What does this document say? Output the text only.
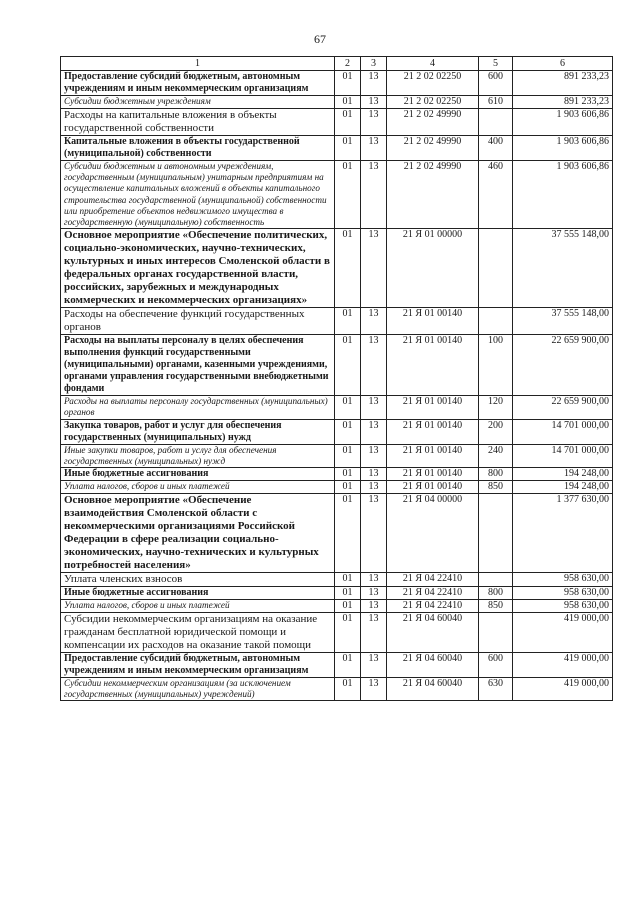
67
1	2	3	4	5	6
Предоставление субсидий бюджетным, автономным учреждениям и иным некоммерческим организациям	01	13	21 2 02 02250	600	891 233,23
Субсидии бюджетным учреждениям	01	13	21 2 02 02250	610	891 233,23
Расходы на капитальные вложения в объекты государственной собственности	01	13	21 2 02 49990		1 903 606,86
Капитальные вложения в объекты государственной (муниципальной) собственности	01	13	21 2 02 49990	400	1 903 606,86
Субсидии бюджетным и автономным учреждениям, государственным (муниципальным) унитарным предприятиям на осуществление капитальных вложений в объекты капитального строительства государственной (муниципальной) собственности или приобретение объектов недвижимого имущества в государственную (муниципальную) собственность	01	13	21 2 02 49990	460	1 903 606,86
Основное мероприятие «Обеспечение политических, социально-экономических, научно-технических, культурных и иных интересов Смоленской области в федеральных органах государственной власти, российских, зарубежных и международных коммерческих и некоммерческих организациях»	01	13	21 Я 01 00000		37 555 148,00
Расходы на обеспечение функций государственных органов	01	13	21 Я 01 00140		37 555 148,00
Расходы на выплаты персоналу в целях обеспечения выполнения функций государственными (муниципальными) органами, казенными учреждениями, органами управления государственными внебюджетными фондами	01	13	21 Я 01 00140	100	22 659 900,00
Расходы на выплаты персоналу государственных (муниципальных) органов	01	13	21 Я 01 00140	120	22 659 900,00
Закупка товаров, работ и услуг для обеспечения государственных (муниципальных) нужд	01	13	21 Я 01 00140	200	14 701 000,00
Иные закупки товаров, работ и услуг для обеспечения государственных (муниципальных) нужд	01	13	21 Я 01 00140	240	14 701 000,00
Иные бюджетные ассигнования	01	13	21 Я 01 00140	800	194 248,00
Уплата налогов, сборов и иных платежей	01	13	21 Я 01 00140	850	194 248,00
Основное мероприятие «Обеспечение взаимодействия Смоленской области с некоммерческими организациями Российской Федерации в сфере реализации социально-экономических, научно-технических и культурных потребностей населения»	01	13	21 Я 04 00000		1 377 630,00
Уплата членских взносов	01	13	21 Я 04 22410		958 630,00
Иные бюджетные ассигнования	01	13	21 Я 04 22410	800	958 630,00
Уплата налогов, сборов и иных платежей	01	13	21 Я 04 22410	850	958 630,00
Субсидии некоммерческим организациям на оказание гражданам бесплатной юридической помощи и компенсации их расходов на оказание такой помощи	01	13	21 Я 04 60040		419 000,00
Предоставление субсидий бюджетным, автономным учреждениям и иным некоммерческим организациям	01	13	21 Я 04 60040	600	419 000,00
Субсидии некоммерческим организациям (за исключением государственных (муниципальных) учреждений)	01	13	21 Я 04 60040	630	419 000,00
